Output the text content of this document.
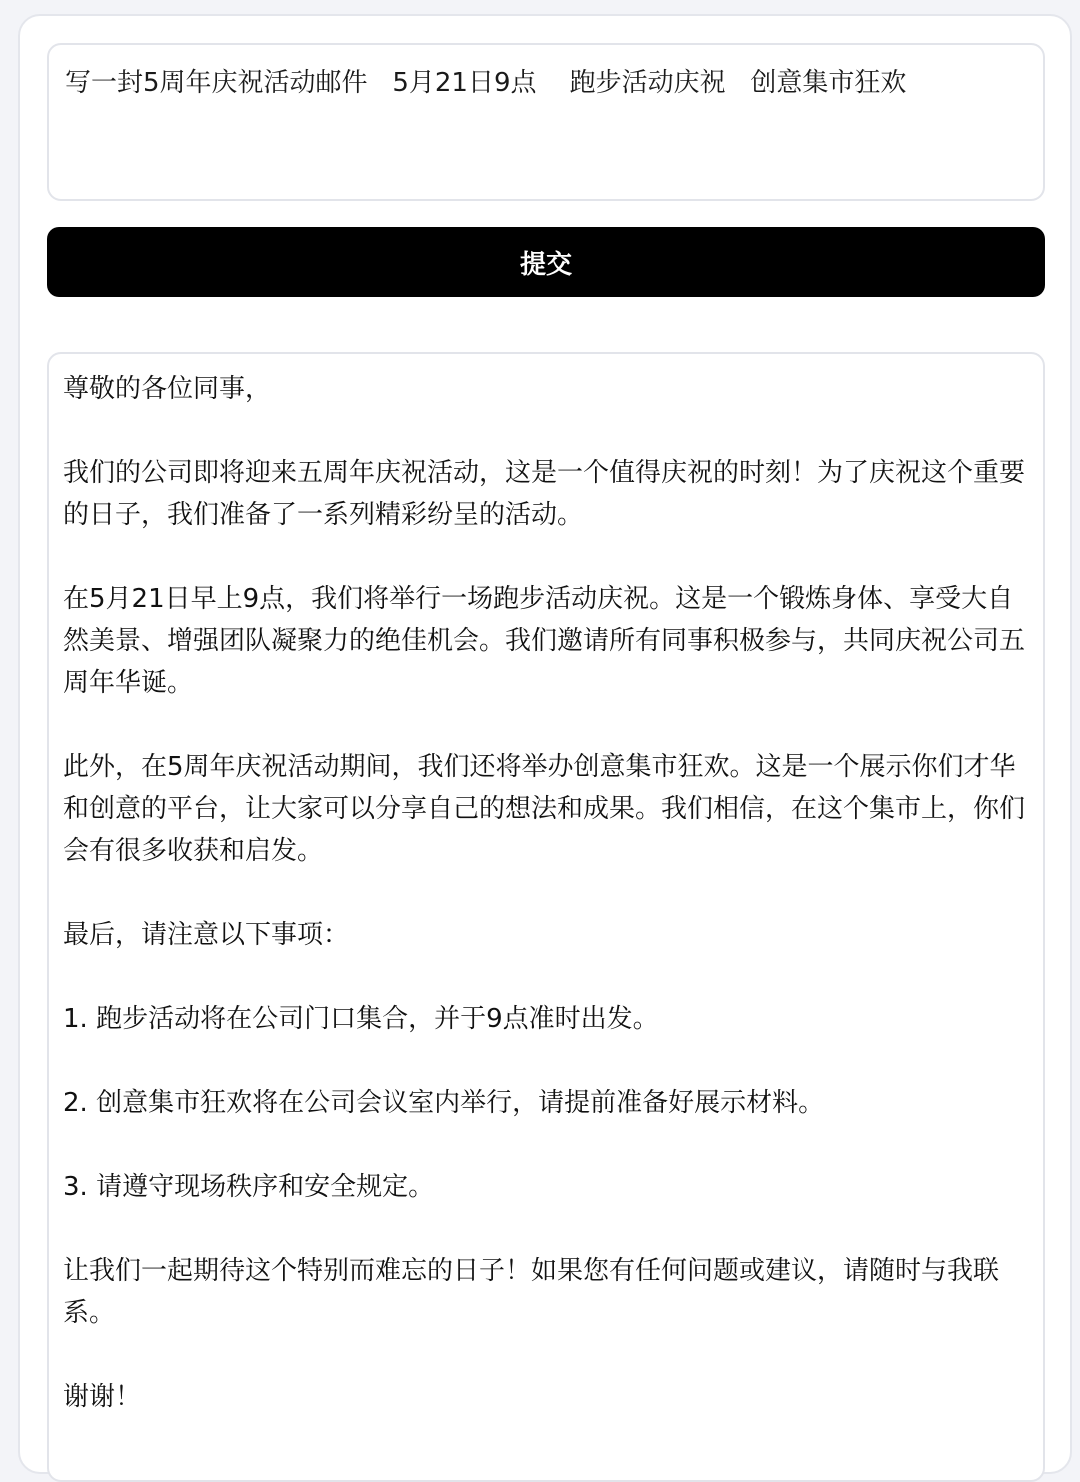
写一封5周年庆祝活动邮件   5月21日9点    跑步活动庆祝   创意集市狂欢
提交

尊敬的各位同事，

我们的公司即将迎来五周年庆祝活动，这是一个值得庆祝的时刻！为了庆祝这个重要的日子，我们准备了一系列精彩纷呈的活动。

在5月21日早上9点，我们将举行一场跑步活动庆祝。这是一个锻炼身体、享受大自然美景、增强团队凝聚力的绝佳机会。我们邀请所有同事积极参与，共同庆祝公司五周年华诞。

此外，在5周年庆祝活动期间，我们还将举办创意集市狂欢。这是一个展示你们才华和创意的平台，让大家可以分享自己的想法和成果。我们相信，在这个集市上，你们会有很多收获和启发。

最后，请注意以下事项：

1. 跑步活动将在公司门口集合，并于9点准时出发。

2. 创意集市狂欢将在公司会议室内举行，请提前准备好展示材料。

3. 请遵守现场秩序和安全规定。

让我们一起期待这个特别而难忘的日子！如果您有任何问题或建议，请随时与我联系。

谢谢！
